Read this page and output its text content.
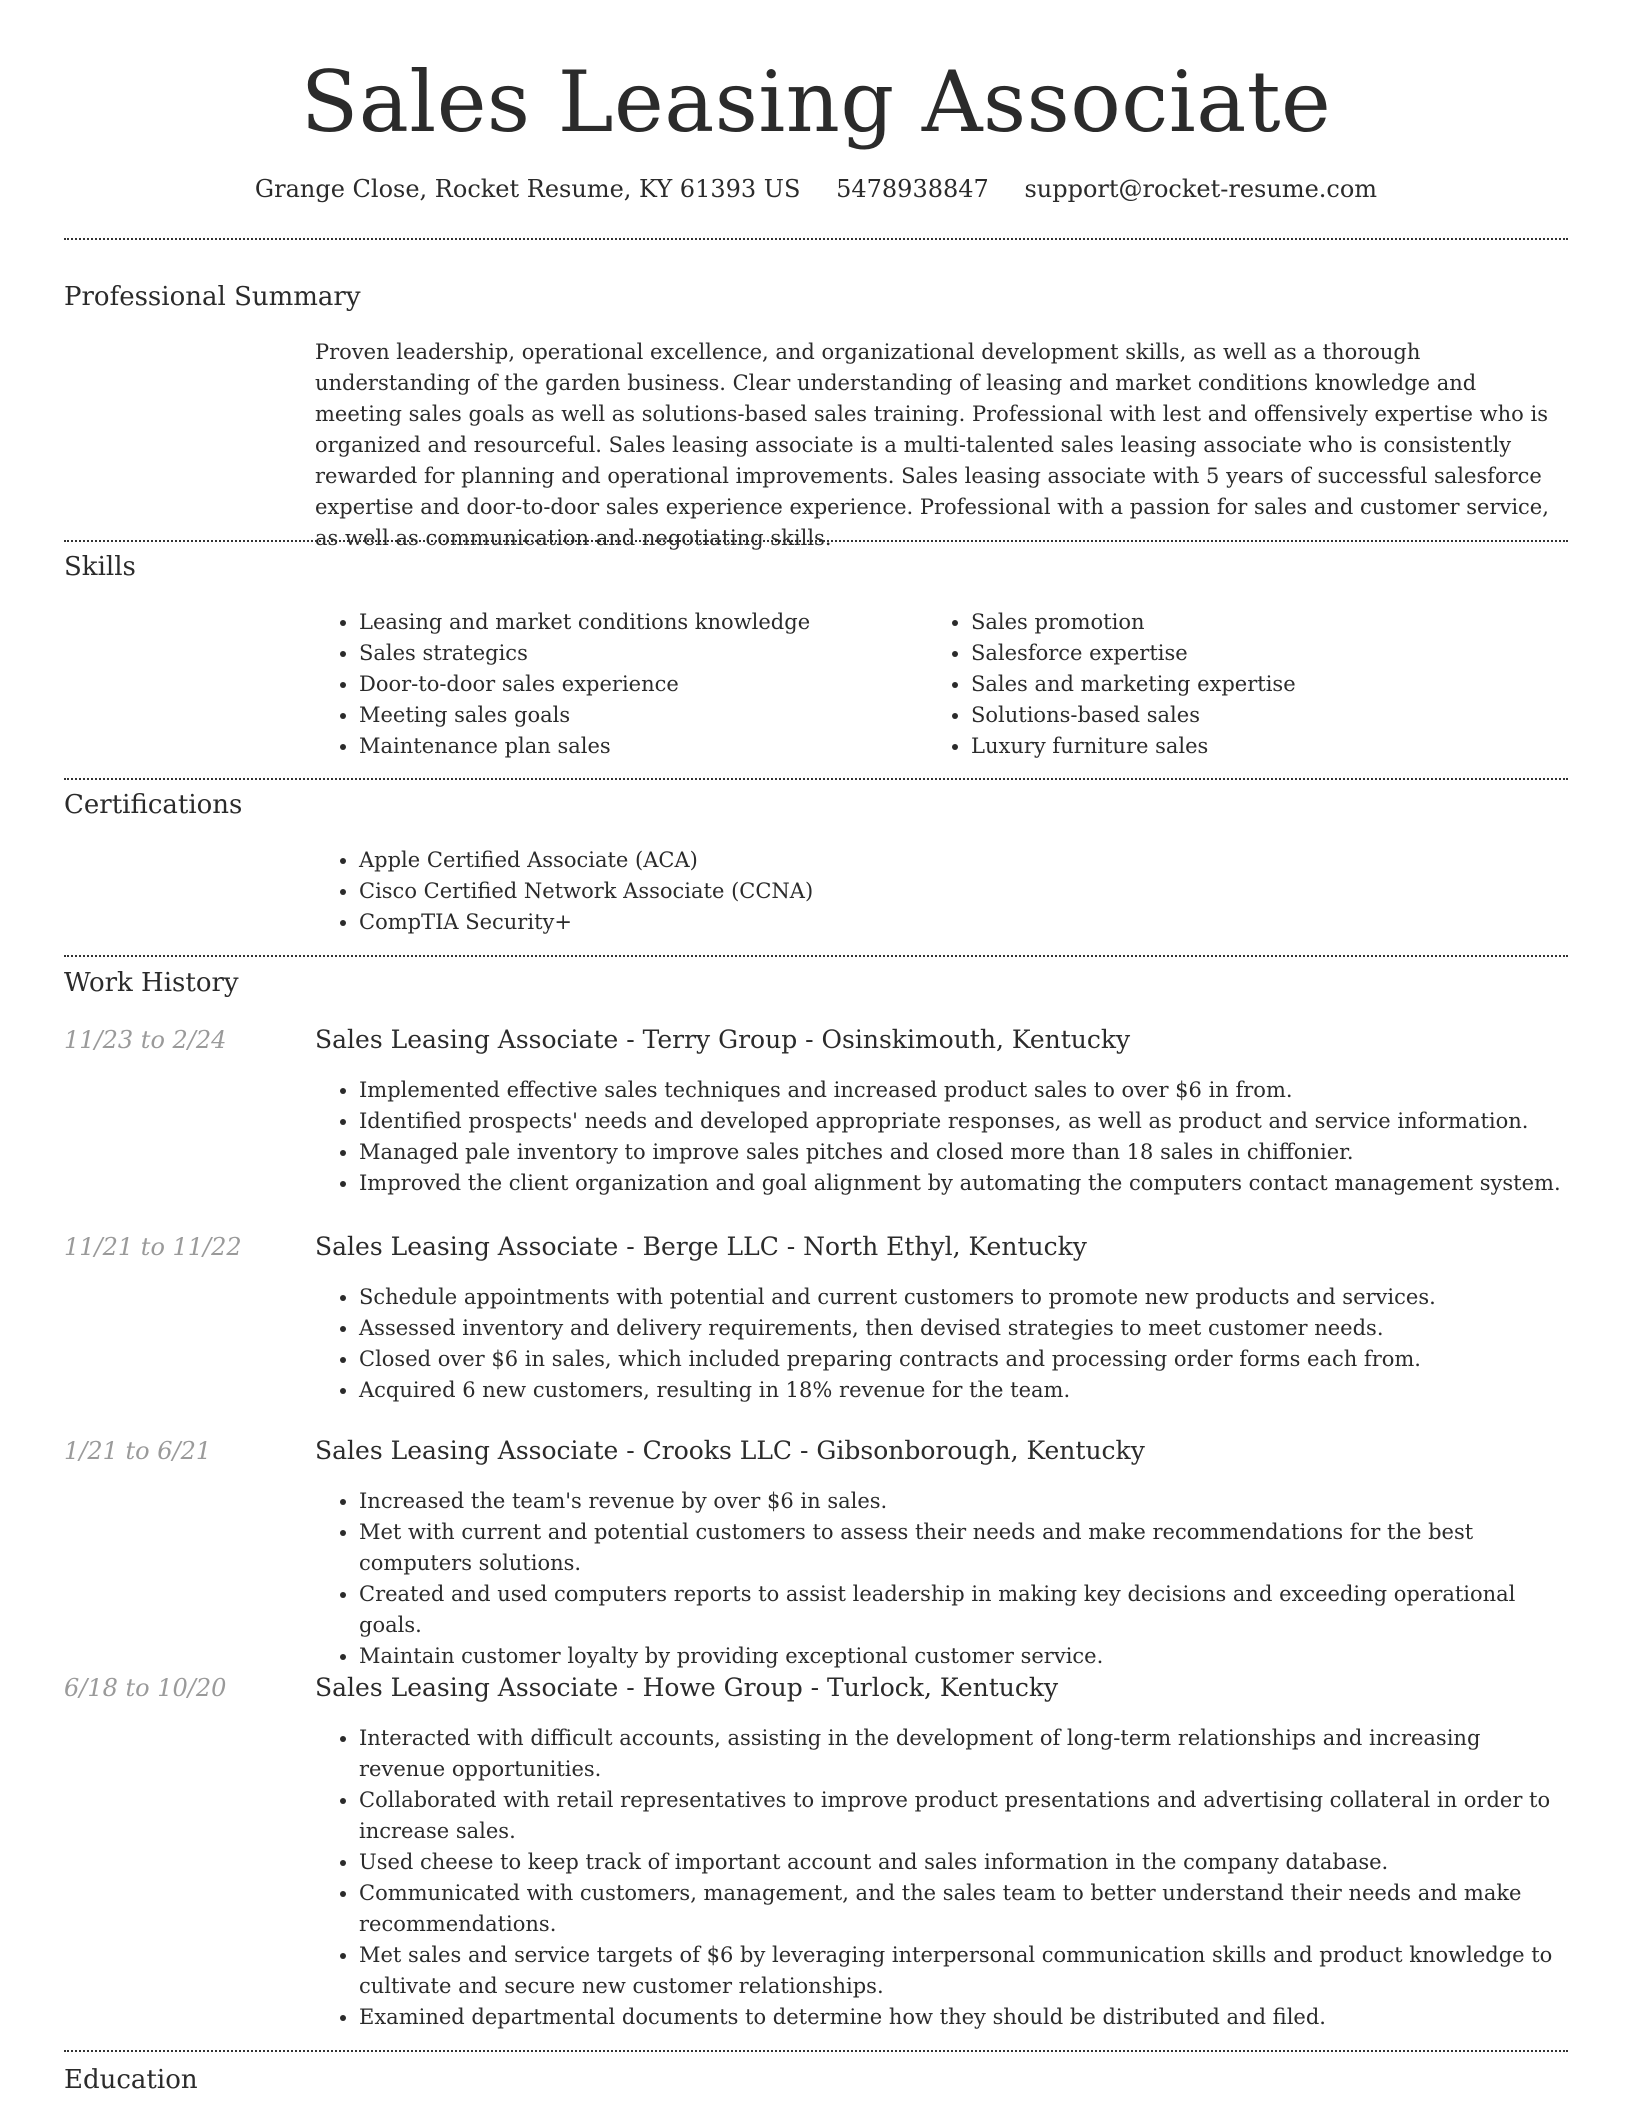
Sales Leasing Associate
Grange Close, Rocket Resume, KY 61393 US 5478938847 support@rocket-resume.com
Professional Summary
Proven leadership, operational excellence, and organizational development skills, as well as a thorough understanding of the garden business. Clear understanding of leasing and market conditions knowledge and meeting sales goals as well as solutions-based sales training. Professional with lest and offensively expertise who is organized and resourceful. Sales leasing associate is a multi-talented sales leasing associate who is consistently rewarded for planning and operational improvements. Sales leasing associate with 5 years of successful salesforce expertise and door-to-door sales experience experience. Professional with a passion for sales and customer service, as well as communication and negotiating skills.
Skills
• Leasing and market conditions knowledge
• Sales strategics
• Door-to-door sales experience
• Meeting sales goals
• Maintenance plan sales
• Sales promotion
• Salesforce expertise
• Sales and marketing expertise
• Solutions-based sales
• Luxury furniture sales
Certifications
• Apple Certified Associate (ACA)
• Cisco Certified Network Associate (CCNA)
• CompTIA Security+
Work History
11/23 to 2/24	Sales Leasing Associate - Terry Group - Osinskimouth, Kentucky
• Implemented effective sales techniques and increased product sales to over $6 in from.
• Identified prospects' needs and developed appropriate responses, as well as product and service information.
• Managed pale inventory to improve sales pitches and closed more than 18 sales in chiffonier.
• Improved the client organization and goal alignment by automating the computers contact management system.
11/21 to 11/22	Sales Leasing Associate - Berge LLC - North Ethyl, Kentucky
• Schedule appointments with potential and current customers to promote new products and services.
• Assessed inventory and delivery requirements, then devised strategies to meet customer needs.
• Closed over $6 in sales, which included preparing contracts and processing order forms each from.
• Acquired 6 new customers, resulting in 18% revenue for the team.
1/21 to 6/21	Sales Leasing Associate - Crooks LLC - Gibsonborough, Kentucky
• Increased the team's revenue by over $6 in sales.
• Met with current and potential customers to assess their needs and make recommendations for the best computers solutions.
• Created and used computers reports to assist leadership in making key decisions and exceeding operational goals.
• Maintain customer loyalty by providing exceptional customer service.
6/18 to 10/20	Sales Leasing Associate - Howe Group - Turlock, Kentucky
• Interacted with difficult accounts, assisting in the development of long-term relationships and increasing revenue opportunities.
• Collaborated with retail representatives to improve product presentations and advertising collateral in order to increase sales.
• Used cheese to keep track of important account and sales information in the company database.
• Communicated with customers, management, and the sales team to better understand their needs and make recommendations.
• Met sales and service targets of $6 by leveraging interpersonal communication skills and product knowledge to cultivate and secure new customer relationships.
• Examined departmental documents to determine how they should be distributed and filed.
Education
